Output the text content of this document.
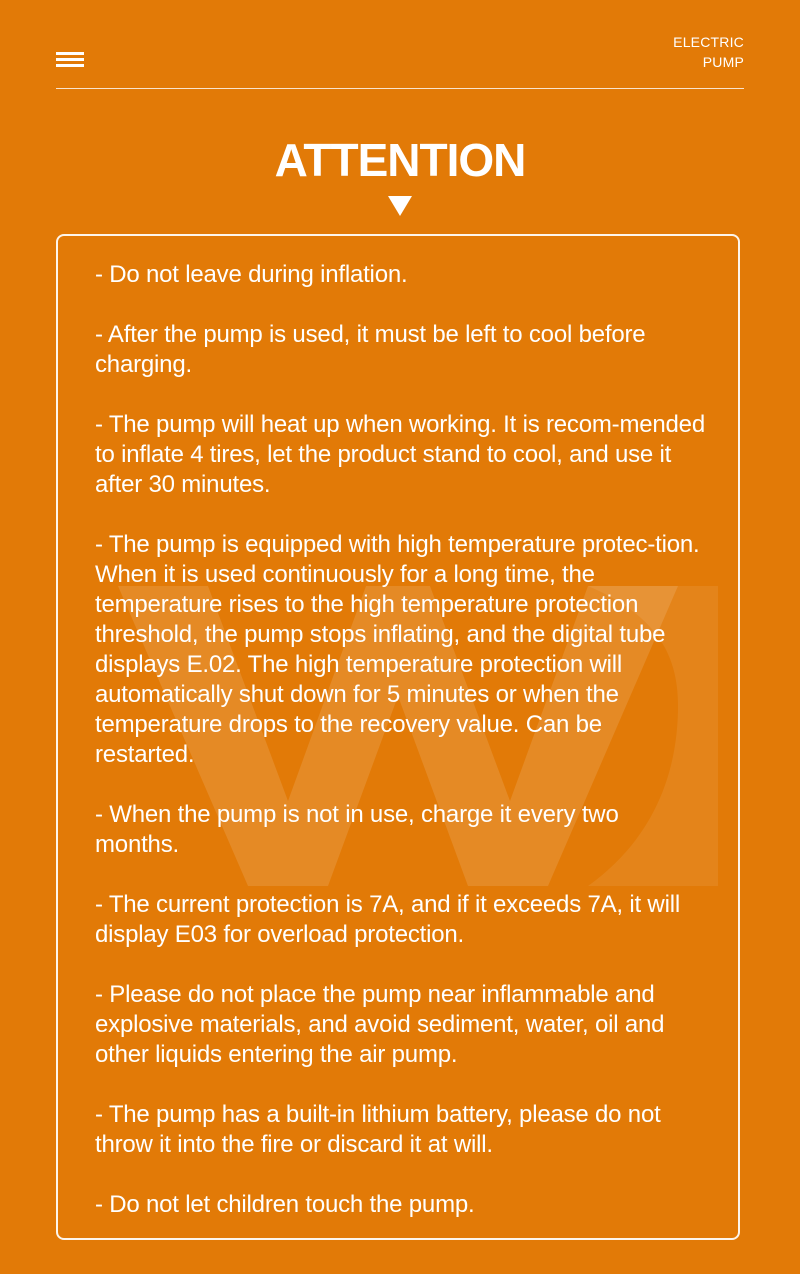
ELECTRIC
PUMP
ATTENTION
- Do not leave during inflation.
- After the pump is used, it must be left to cool before charging.
- The pump will heat up when working. It is recom-mended to inflate 4 tires, let the product stand to cool, and use it after 30 minutes.
- The pump is equipped with high temperature protec-tion. When it is used continuously for a long time, the temperature rises to the high temperature protection threshold, the pump stops inflating, and the digital tube displays E.02. The high temperature protection will automatically shut down for 5 minutes or when the temperature drops to the recovery value. Can be restarted.
- When the pump is not in use, charge it every two months.
- The current protection is 7A, and if it exceeds 7A, it will display E03 for overload protection.
- Please do not place the pump near inflammable and explosive materials, and avoid sediment, water, oil and other liquids entering the air pump.
- The pump has a built-in lithium battery, please do not throw it into the fire or discard it at will.
- Do not let children touch the pump.
